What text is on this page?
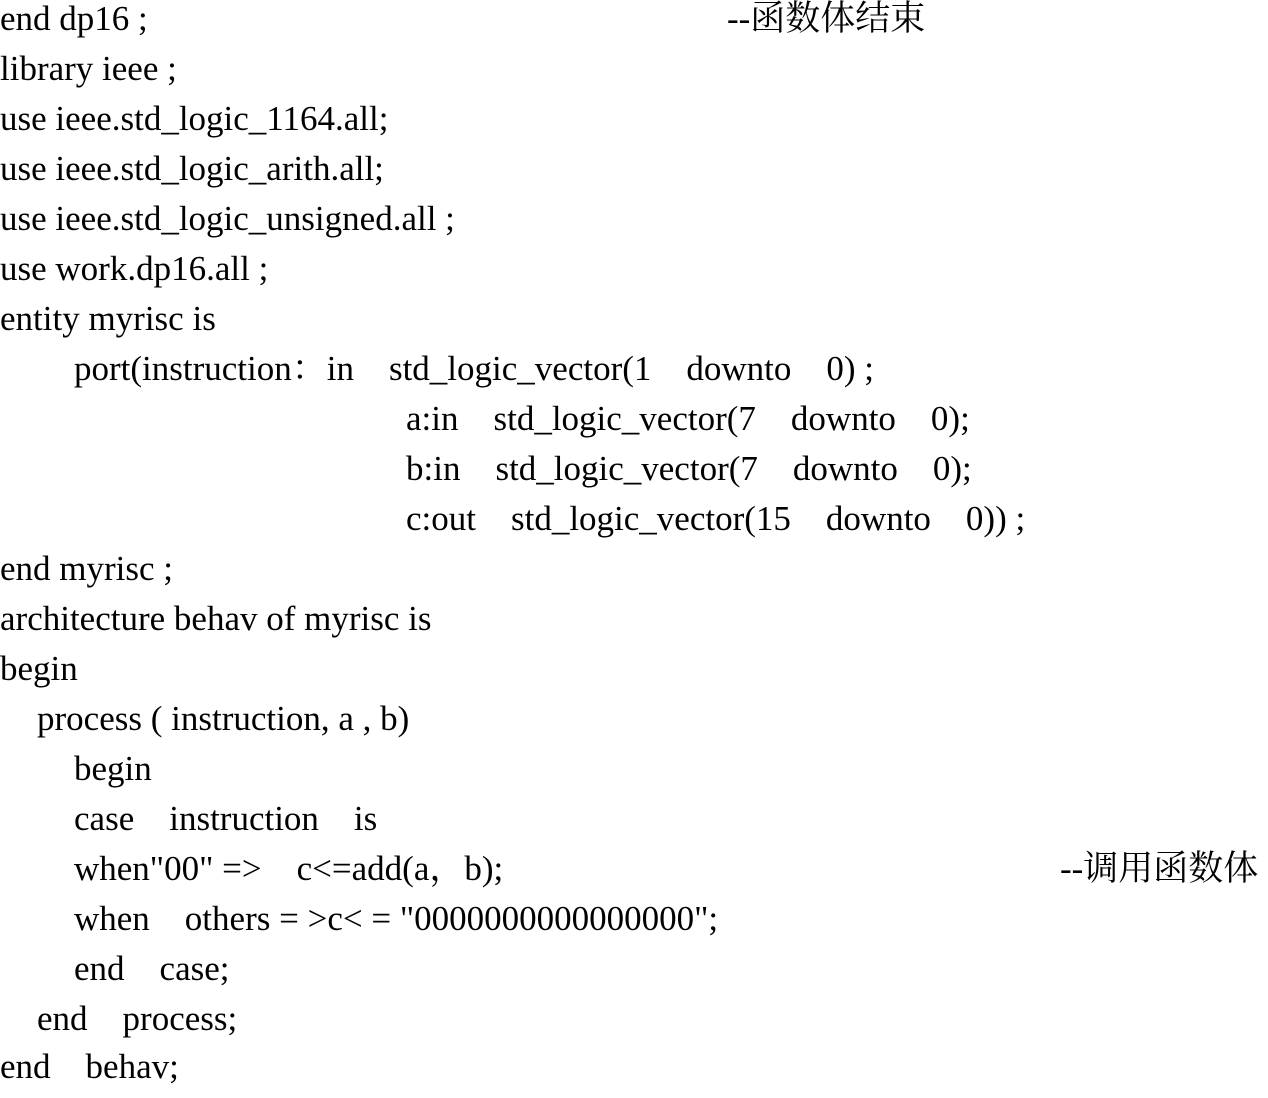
end dp16 ;	--函数体结束
library ieee ;
use ieee.std_logic_1164.all;
use ieee.std_logic_arith.all;
use ieee.std_logic_unsigned.all ;
use work.dp16.all ;
entity myrisc is
port(instruction：in    std_logic_vector(1    downto    0) ;
a:in    std_logic_vector(7    downto    0);
b:in    std_logic_vector(7    downto    0);
c:out    std_logic_vector(15    downto    0)) ;
end myrisc ;
architecture behav of myrisc is
begin
process ( instruction, a , b)
begin
case    instruction    is
when"00" =>    c<=add(a，b);	--调用函数体
when    others = >c< = "0000000000000000";
end    case;
end    process;
end    behav;
